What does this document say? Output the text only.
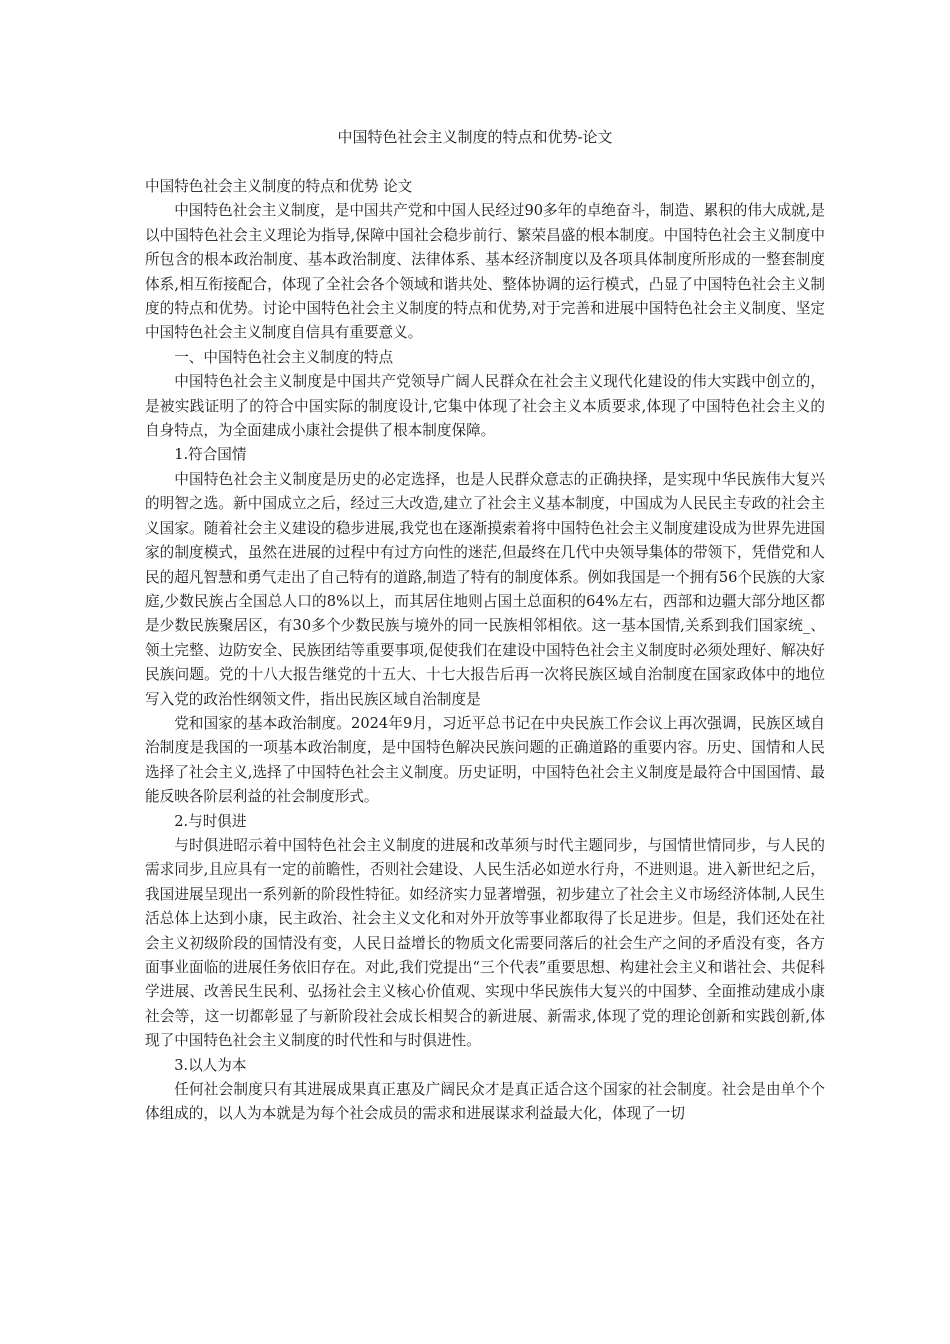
中国特色社会主义制度的特点和优势-论文

中国特色社会主义制度的特点和优势 论文

中国特色社会主义制度，是中国共产党和中国人民经过90多年的卓绝奋斗，制造、累积的伟大成就,是以中国特色社会主义理论为指导,保障中国社会稳步前行、繁荣昌盛的根本制度。中国特色社会主义制度中所包含的根本政治制度、基本政治制度、法律体系、基本经济制度以及各项具体制度所形成的一整套制度体系,相互衔接配合，体现了全社会各个领域和谐共处、整体协调的运行模式，凸显了中国特色社会主义制度的特点和优势。讨论中国特色社会主义制度的特点和优势,对于完善和进展中国特色社会主义制度、坚定中国特色社会主义制度自信具有重要意义。

一、中国特色社会主义制度的特点

中国特色社会主义制度是中国共产党领导广阔人民群众在社会主义现代化建设的伟大实践中创立的，是被实践证明了的符合中国实际的制度设计,它集中体现了社会主义本质要求,体现了中国特色社会主义的自身特点，为全面建成小康社会提供了根本制度保障。

1.符合国情

中国特色社会主义制度是历史的必定选择，也是人民群众意志的正确抉择，是实现中华民族伟大复兴的明智之选。新中国成立之后，经过三大改造,建立了社会主义基本制度，中国成为人民民主专政的社会主义国家。随着社会主义建设的稳步进展,我党也在逐渐摸索着将中国特色社会主义制度建设成为世界先进国家的制度模式，虽然在进展的过程中有过方向性的迷茫,但最终在几代中央领导集体的带领下，凭借党和人民的超凡智慧和勇气走出了自己特有的道路,制造了特有的制度体系。例如我国是一个拥有56个民族的大家庭,少数民族占全国总人口的8%以上，而其居住地则占国土总面积的64%左右，西部和边疆大部分地区都是少数民族聚居区，有30多个少数民族与境外的同一民族相邻相依。这一基本国情,关系到我们国家统_、领土完整、边防安全、民族团结等重要事项,促使我们在建设中国特色社会主义制度时必须处理好、解决好民族问题。党的十八大报告继党的十五大、十七大报告后再一次将民族区域自治制度在国家政体中的地位写入党的政治性纲领文件，指出民族区域自治制度是

党和国家的基本政治制度。2024年9月，习近平总书记在中央民族工作会议上再次强调，民族区域自治制度是我国的一项基本政治制度，是中国特色解决民族问题的正确道路的重要内容。历史、国情和人民选择了社会主义,选择了中国特色社会主义制度。历史证明，中国特色社会主义制度是最符合中国国情、最能反映各阶层利益的社会制度形式。

2.与时俱进

与时俱进昭示着中国特色社会主义制度的进展和改革须与时代主题同步，与国情世情同步，与人民的需求同步,且应具有一定的前瞻性，否则社会建设、人民生活必如逆水行舟，不进则退。进入新世纪之后，我国进展呈现出一系列新的阶段性特征。如经济实力显著增强，初步建立了社会主义市场经济体制,人民生活总体上达到小康，民主政治、社会主义文化和对外开放等事业都取得了长足进步。但是，我们还处在社会主义初级阶段的国情没有变，人民日益增长的物质文化需要同落后的社会生产之间的矛盾没有变，各方面事业面临的进展任务依旧存在。对此,我们党提出“三个代表”重要思想、构建社会主义和谐社会、共促科学进展、改善民生民利、弘扬社会主义核心价值观、实现中华民族伟大复兴的中国梦、全面推动建成小康社会等，这一切都彰显了与新阶段社会成长相契合的新进展、新需求,体现了党的理论创新和实践创新,体现了中国特色社会主义制度的时代性和与时俱进性。

3.以人为本

任何社会制度只有其进展成果真正惠及广阔民众才是真正适合这个国家的社会制度。社会是由单个个体组成的，以人为本就是为每个社会成员的需求和进展谋求利益最大化，体现了一切
